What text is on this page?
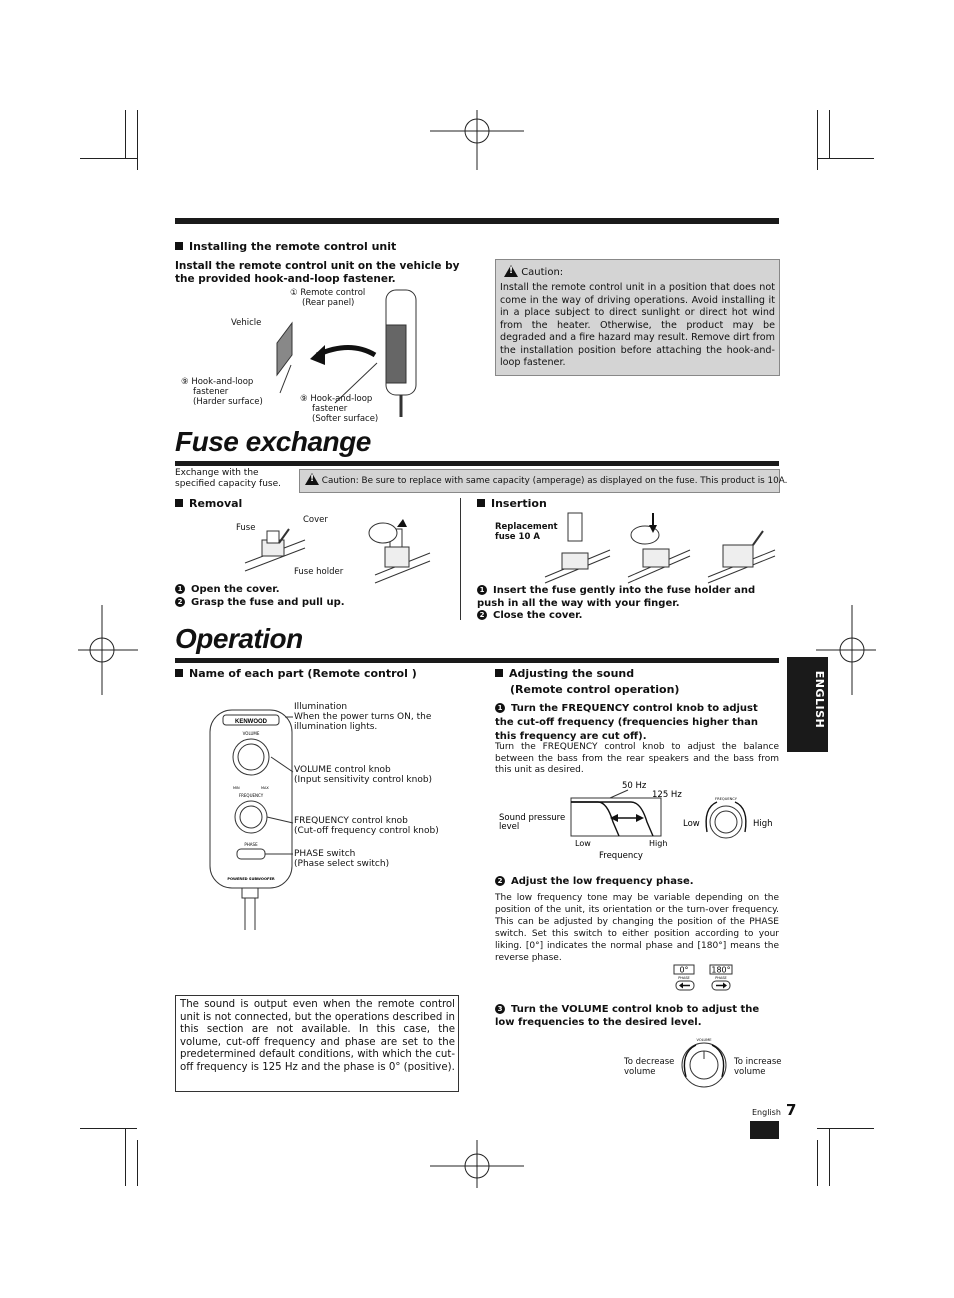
Installing the remote control unit
Install the remote control unit on the vehicle by the provided hook-and-loop fastener.
① Remote control
(Rear panel)
Vehicle
⑨ Hook-and-loop
fastener
(Harder surface)	⑨ Hook-and-loop
fastener
(Softer surface)
! Caution:
Install the remote control unit in a position that does not come in the way of driving operations. Avoid installing it in a place subject to direct sunlight or direct hot wind from the heater. Otherwise, the product may be degraded and a fire hazard may result. Remove dirt from the installation position before attaching the hook-and-loop fastener.
Fuse exchange
Exchange with the specified capacity fuse.
!	Caution: Be sure to replace with same capacity (amperage) as displayed on the fuse. This product is 10A.
Removal
Fuse
Cover
Fuse holder
1 Open the cover.
2 Grasp the fuse and pull up.
Insertion
Replacement
fuse 10 A
1 Insert the fuse gently into the fuse holder and push in all the way with your finger.
2 Close the cover.
Operation
ENGLISH
Name of each part (Remote control )
KENWOOD
VOLUME
MIN	MAX
FREQUENCY
PHASE
POWERED SUBWOOFER
Illumination
When the power turns ON, the
illumination lights.
VOLUME control knob
(Input sensitivity control knob)
FREQUENCY control knob
(Cut-off frequency control knob)
PHASE switch
(Phase select switch)
The sound is output even when the remote control unit is not connected, but the operations described in this section are not available. In this case, the volume, cut-off frequency and phase are set to the predetermined default conditions, with which the cut-off frequency is 125 Hz and the phase is 0° (positive).
Adjusting the sound
(Remote control operation)
1 Turn the FREQUENCY control knob to adjust the cut-off frequency (frequencies higher than this frequency are cut off).
Turn the FREQUENCY control knob to adjust the balance between the bass from the rear speakers and the bass from this unit as desired.
50 Hz
125 Hz
Sound pressure
level
Low	High
Frequency
FREQUENCY
Low	High
2 Adjust the low frequency phase.
The low frequency tone may be variable depending on the position of the unit, its orientation or the turn-over frequency. This can be adjusted by changing the position of the PHASE switch. Set this switch to either position according to your liking. [0°] indicates the normal phase and [180°] means the reverse phase.
0°	180°
PHASE	PHASE
3 Turn the VOLUME control knob to adjust the low frequencies to the desired level.
VOLUME
To decrease
volume
To increase
volume
English 7
